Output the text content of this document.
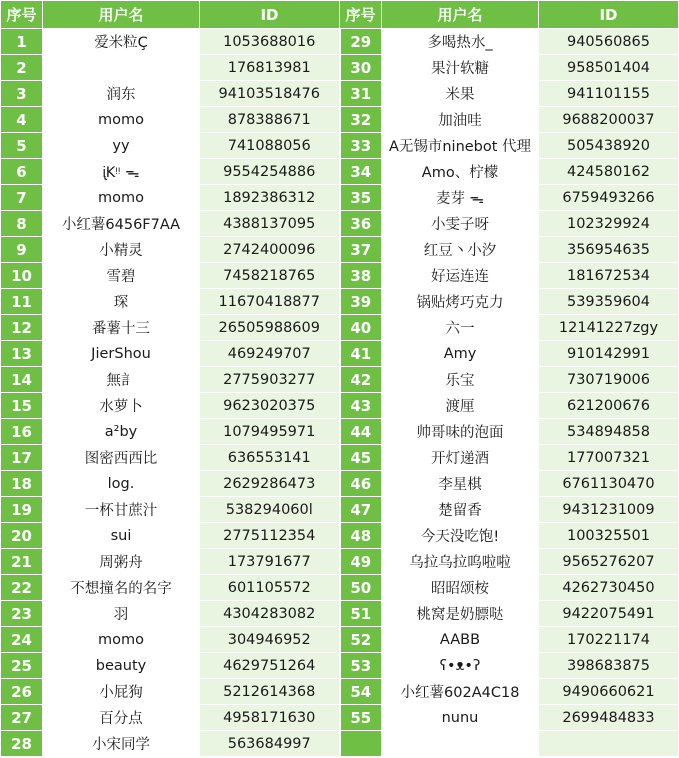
序号	用户名	ID	序号	用户名	ID
1	爱米粒Ç	1053688016	29	多喝热水_	940560865
2		176813981	30	果汁软糖	958501404
3	润东	94103518476	31	米果	941101155
4	momo	878388671	32	加油哇	9688200037
5	yy	741088056	33	A无锡市ninebot 代理	505438920
6	ᶖKᵎᵎ ᯓ	9554254886	34	Amo、柠檬	424580162
7	momo	1892386312	35	麦芽 ᯓ	6759493266
8	小红薯6456F7AA	4388137095	36	小雯子呀	102329924
9	小精灵	2742400096	37	红豆丶小汐	356954635
10	雪碧	7458218765	38	好运连连	181672534
11	琛	11670418877	39	锅贴烤巧克力	539359604
12	番薯十三	26505988609	40	六一	12141227zgy
13	JierShou	469249707	41	Amy	910142991
14	無訁	2775903277	42	乐宝	730719006
15	水萝卜	9623020375	43	渡厘	621200676
16	a²by	1079495971	44	帅哥味的泡面	534894858
17	图密西西比	636553141	45	开灯递酒	177007321
18	log.	2629286473	46	李星棋	6761130470
19	一杯甘蔗汁	538294060l	47	楚留香	9431231009
20	sui	2775112354	48	今天没吃饱!	100325501
21	周粥舟	173791677	49	乌拉乌拉呜啦啦	9565276207
22	不想撞名的名字	601105572	50	昭昭颂桉	4262730450
23	羽	4304283082	51	桃窝是奶膘哒	9422075491
24	momo	304946952	52	AABB	170221174
25	beauty	4629751264	53	ʕ•ᴥ•ʔ	398683875
26	小屁狗	5212614368	54	小红薯602A4C18	9490660621
27	百分点	4958171630	55	nunu	2699484833
28	小宋同学	563684997			
